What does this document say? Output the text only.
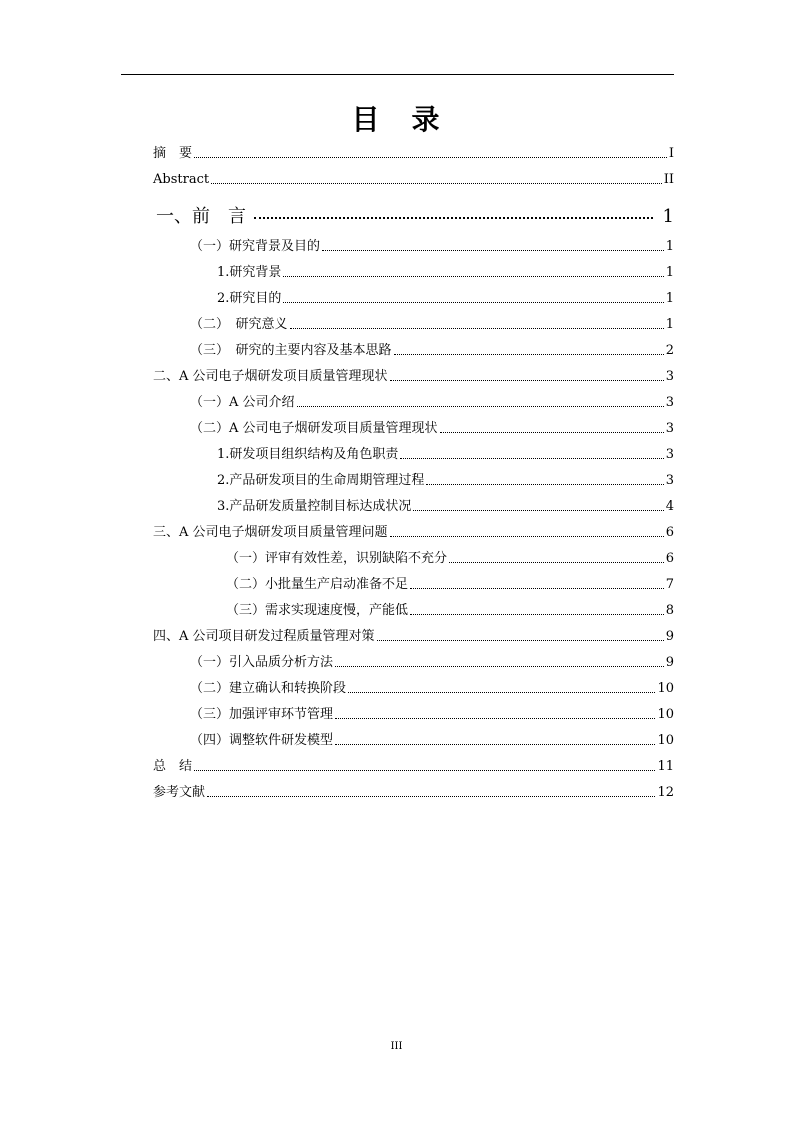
目　录
摘　要	I
Abstract	II
一、前　言	1
（一）研究背景及目的	1
1.研究背景	1
2.研究目的	1
（二）　研究意义	1
（三）　研究的主要内容及基本思路	2
二、A 公司电子烟研发项目质量管理现状	3
（一）A 公司介绍	3
（二）A 公司电子烟研发项目质量管理现状	3
1.研发项目组织结构及角色职责	3
2.产品研发项目的生命周期管理过程	3
3.产品研发质量控制目标达成状况	4
三、A 公司电子烟研发项目质量管理问题	6
（一）评审有效性差，识别缺陷不充分	6
（二）小批量生产启动准备不足	7
（三）需求实现速度慢，产能低	8
四、A 公司项目研发过程质量管理对策	9
（一）引入品质分析方法	9
（二）建立确认和转换阶段	10
（三）加强评审环节管理	10
（四）调整软件研发模型	10
总　结	11
参考文献	12
III
